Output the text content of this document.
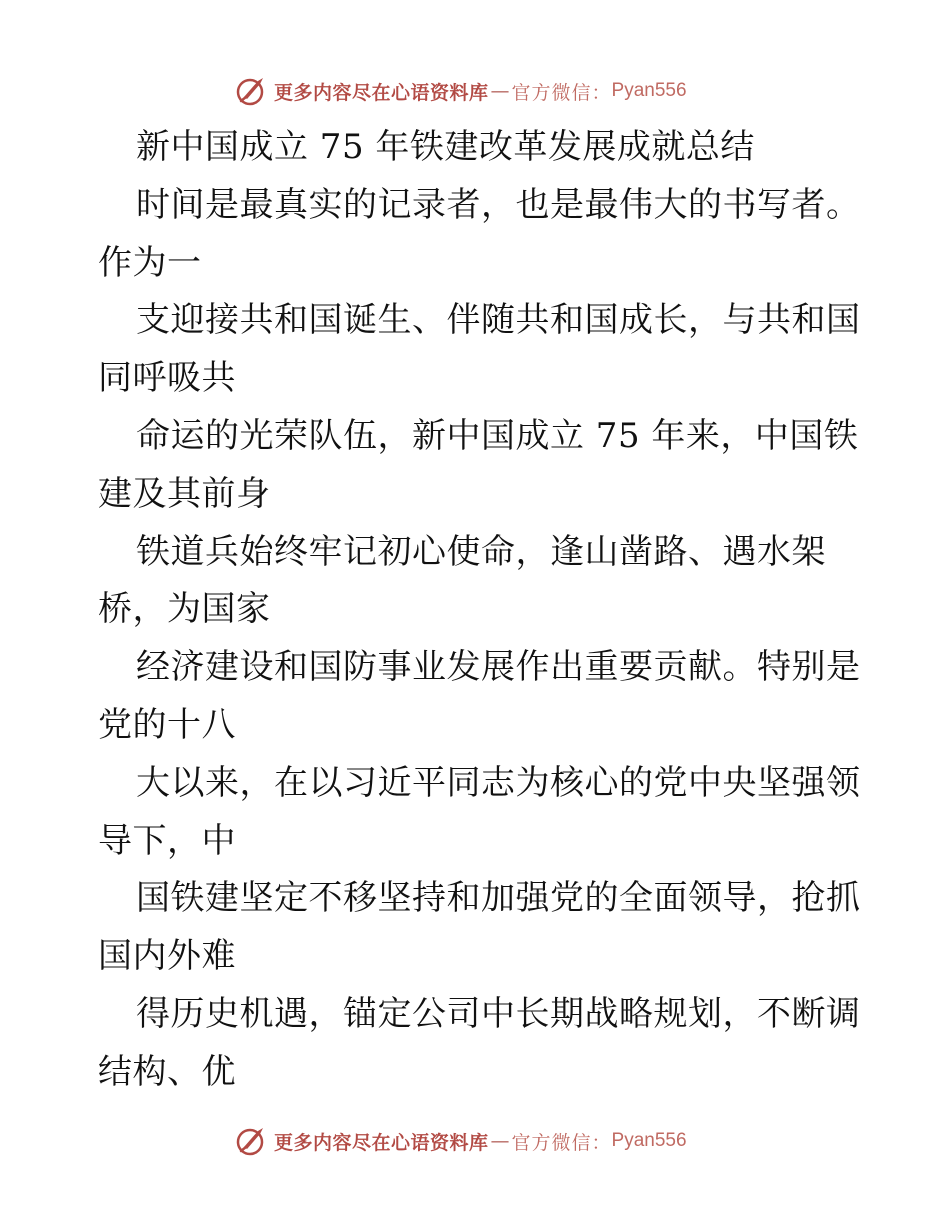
更多内容尽在心语资料库 — 官方微信： Pyan556
新中国成立 75 年铁建改革发展成就总结
时间是最真实的记录者，也是最伟大的书写者。
作为一
支迎接共和国诞生、伴随共和国成长，与共和国
同呼吸共
命运的光荣队伍，新中国成立 75 年来，中国铁
建及其前身
铁道兵始终牢记初心使命，逢山凿路、遇水架
桥，为国家
经济建设和国防事业发展作出重要贡献。特别是
党的十八
大以来，在以习近平同志为核心的党中央坚强领
导下，中
国铁建坚定不移坚持和加强党的全面领导，抢抓
国内外难
得历史机遇，锚定公司中长期战略规划，不断调
结构、优
更多内容尽在心语资料库 — 官方微信： Pyan556
